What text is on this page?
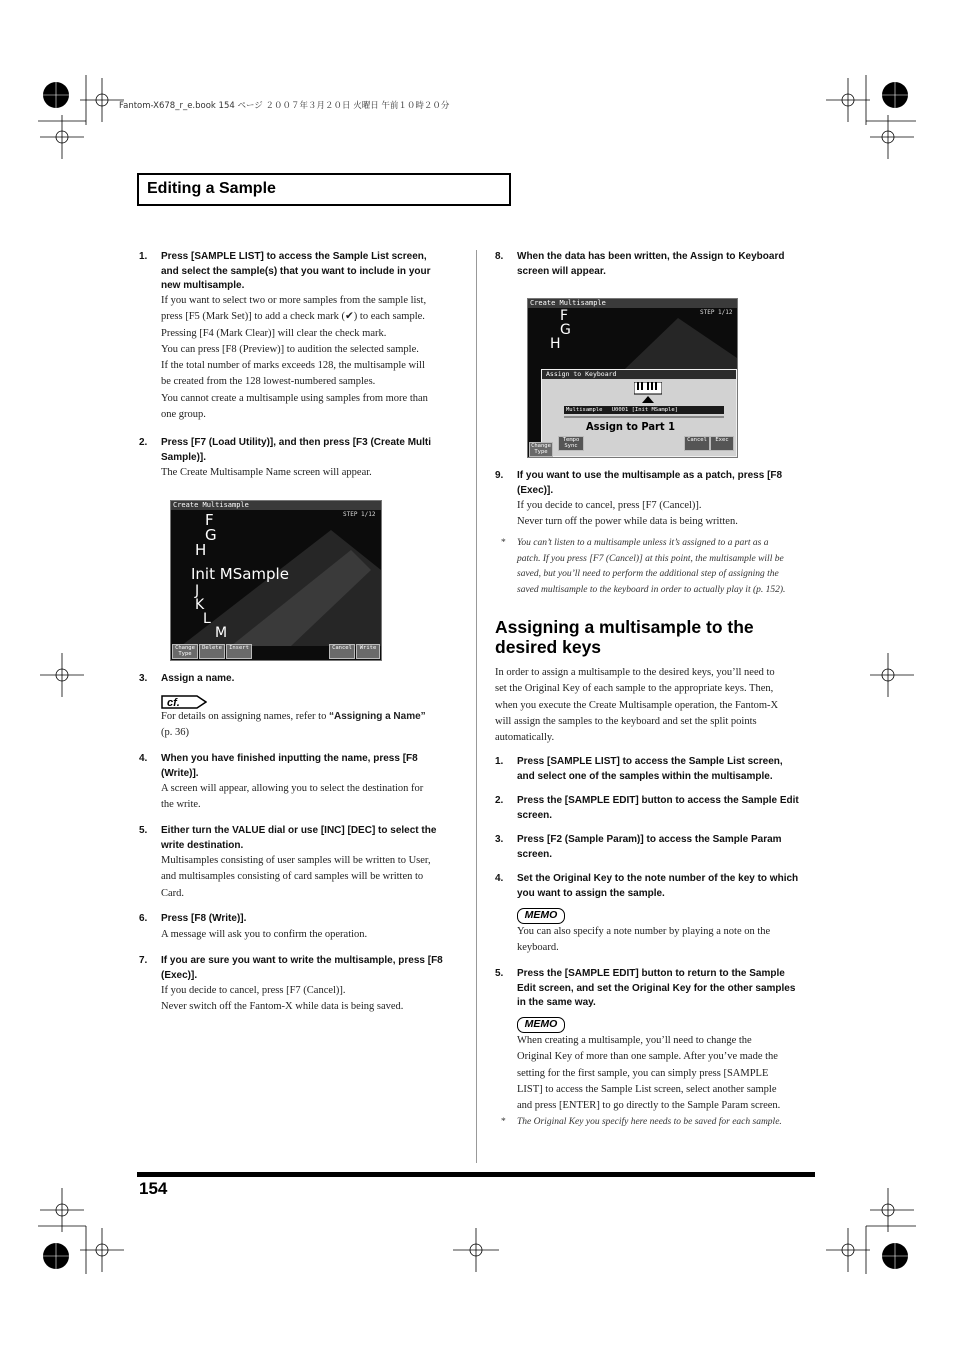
Fantom-X678_r_e.book 154 ページ ２００７年３月２０日 火曜日 午前１０時２０分
Editing a Sample
1. Press [SAMPLE LIST] to access the Sample List screen,
and select the sample(s) that you want to include in your
new multisample.
If you want to select two or more samples from the sample list,
press [F5 (Mark Set)] to add a check mark (✔) to each sample.
Pressing [F4 (Mark Clear)] will clear the check mark.
You can press [F8 (Preview)] to audition the selected sample.
If the total number of marks exceeds 128, the multisample will
be created from the 128 lowest-numbered samples.
You cannot create a multisample using samples from more than
one group.
2. Press [F7 (Load Utility)], and then press [F3 (Create Multi
Sample)].
The Create Multisample Name screen will appear.
Create Multisample
STEP 1/12
F
G
H
Init MSample
J
K
L
M
Change Type
Delete	Insert	Cancel	Write
3. Assign a name.
cf.
For details on assigning names, refer to “Assigning a Name”
(p. 36)
4. When you have finished inputting the name, press [F8
(Write)].
A screen will appear, allowing you to select the destination for
the write.
5. Either turn the VALUE dial or use [INC] [DEC] to select the
write destination.
Multisamples consisting of user samples will be written to User,
and multisamples consisting of card samples will be written to
Card.
6. Press [F8 (Write)].
A message will ask you to confirm the operation.
7. If you are sure you want to write the multisample, press [F8
(Exec)].
If you decide to cancel, press [F7 (Cancel)].
Never switch off the Fantom-X while data is being saved.
8. When the data has been written, the Assign to Keyboard
screen will appear.
Create Multisample
STEP 1/12
F
G
H
Assign to Keyboard
Multisample U0001 [Init MSample]
Assign to Part 1
Cancel	Exec
Tempo Sync
Change Type
9. If you want to use the multisample as a patch, press [F8
(Exec)].
If you decide to cancel, press [F7 (Cancel)].
Never turn off the power while data is being written.
* You can’t listen to a multisample unless it’s assigned to a part as a
patch. If you press [F7 (Cancel)] at this point, the multisample will be
saved, but you’ll need to perform the additional step of assigning the
saved multisample to the keyboard in order to actually play it (p. 152).
Assigning a multisample to the
desired keys
In order to assign a multisample to the desired keys, you’ll need to
set the Original Key of each sample to the appropriate keys. Then,
when you execute the Create Multisample operation, the Fantom-X
will assign the samples to the keyboard and set the split points
automatically.
1. Press [SAMPLE LIST] to access the Sample List screen,
and select one of the samples within the multisample.
2. Press the [SAMPLE EDIT] button to access the Sample Edit
screen.
3. Press [F2 (Sample Param)] to access the Sample Param
screen.
4. Set the Original Key to the note number of the key to which
you want to assign the sample.
MEMO
You can also specify a note number by playing a note on the
keyboard.
5. Press the [SAMPLE EDIT] button to return to the Sample
Edit screen, and set the Original Key for the other samples
in the same way.
MEMO
When creating a multisample, you’ll need to change the
Original Key of more than one sample. After you’ve made the
setting for the first sample, you can simply press [SAMPLE
LIST] to access the Sample List screen, select another sample
and press [ENTER] to go directly to the Sample Param screen.
* The Original Key you specify here needs to be saved for each sample.
154
